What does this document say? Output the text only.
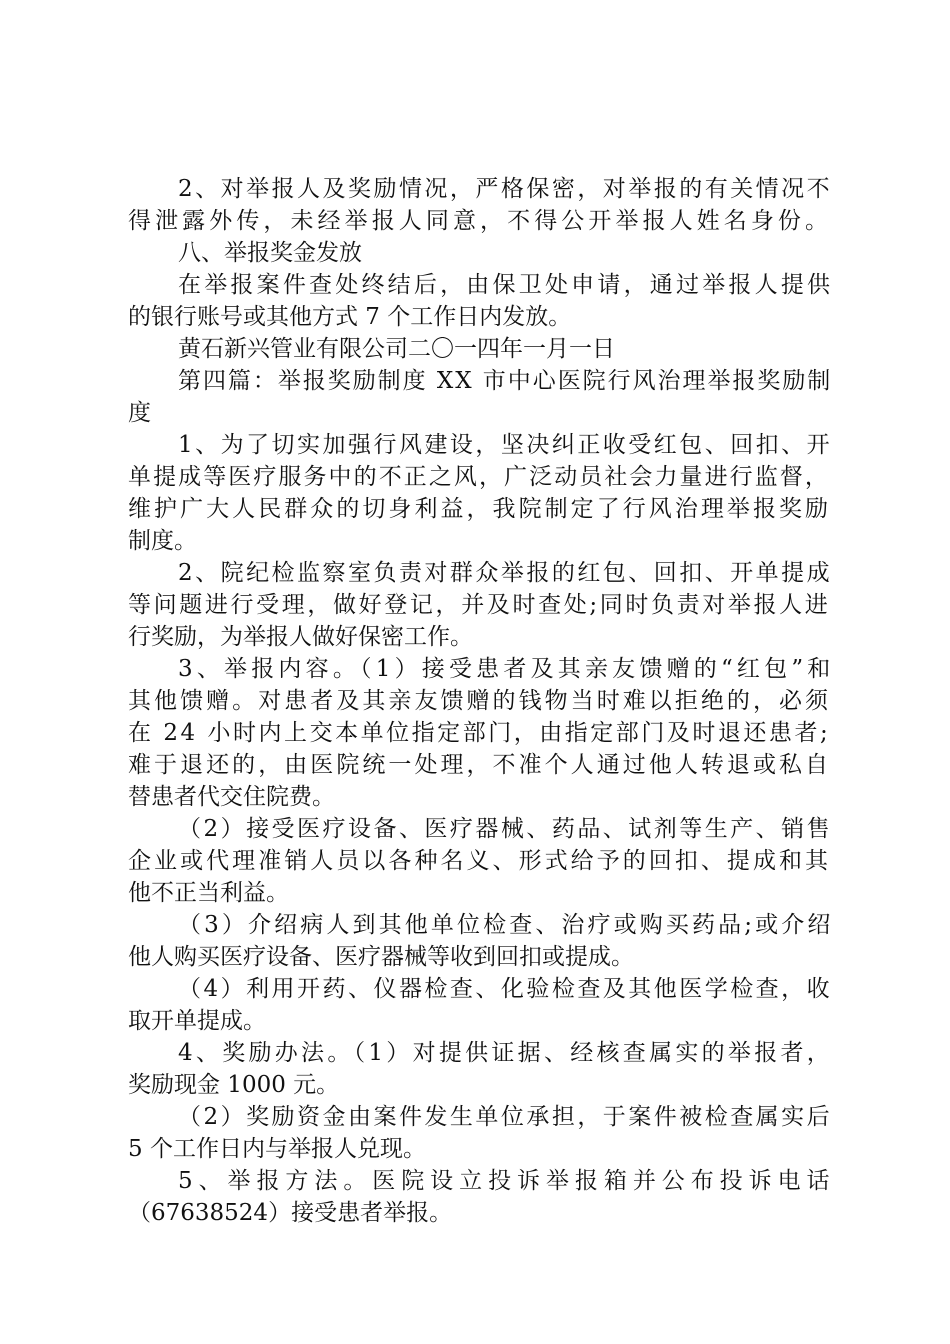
2、对举报人及奖励情况，严格保密，对举报的有关情况不

得泄露外传，未经举报人同意，不得公开举报人姓名身份。

八、举报奖金发放

在举报案件查处终结后，由保卫处申请，通过举报人提供

的银行账号或其他方式 7 个工作日内发放。

黄石新兴管业有限公司二〇一四年一月一日

第四篇：举报奖励制度 XX 市中心医院行风治理举报奖励制

度

1、为了切实加强行风建设，坚决纠正收受红包、回扣、开

单提成等医疗服务中的不正之风，广泛动员社会力量进行监督，

维护广大人民群众的切身利益，我院制定了行风治理举报奖励

制度。

2、院纪检监察室负责对群众举报的红包、回扣、开单提成

等问题进行受理，做好登记，并及时查处;同时负责对举报人进

行奖励，为举报人做好保密工作。

3、举报内容。（1）接受患者及其亲友馈赠的“红包”和

其他馈赠。对患者及其亲友馈赠的钱物当时难以拒绝的，必须

在 24 小时内上交本单位指定部门，由指定部门及时退还患者;

难于退还的，由医院统一处理，不准个人通过他人转退或私自

替患者代交住院费。

（2）接受医疗设备、医疗器械、药品、试剂等生产、销售

企业或代理准销人员以各种名义、形式给予的回扣、提成和其

他不正当利益。

（3）介绍病人到其他单位检查、治疗或购买药品;或介绍

他人购买医疗设备、医疗器械等收到回扣或提成。

（4）利用开药、仪器检查、化验检查及其他医学检查，收

取开单提成。

4、奖励办法。（1）对提供证据、经核查属实的举报者，

奖励现金 1000 元。

（2）奖励资金由案件发生单位承担，于案件被检查属实后

5 个工作日内与举报人兑现。

5、举报方法。医院设立投诉举报箱并公布投诉电话

（67638524）接受患者举报。
